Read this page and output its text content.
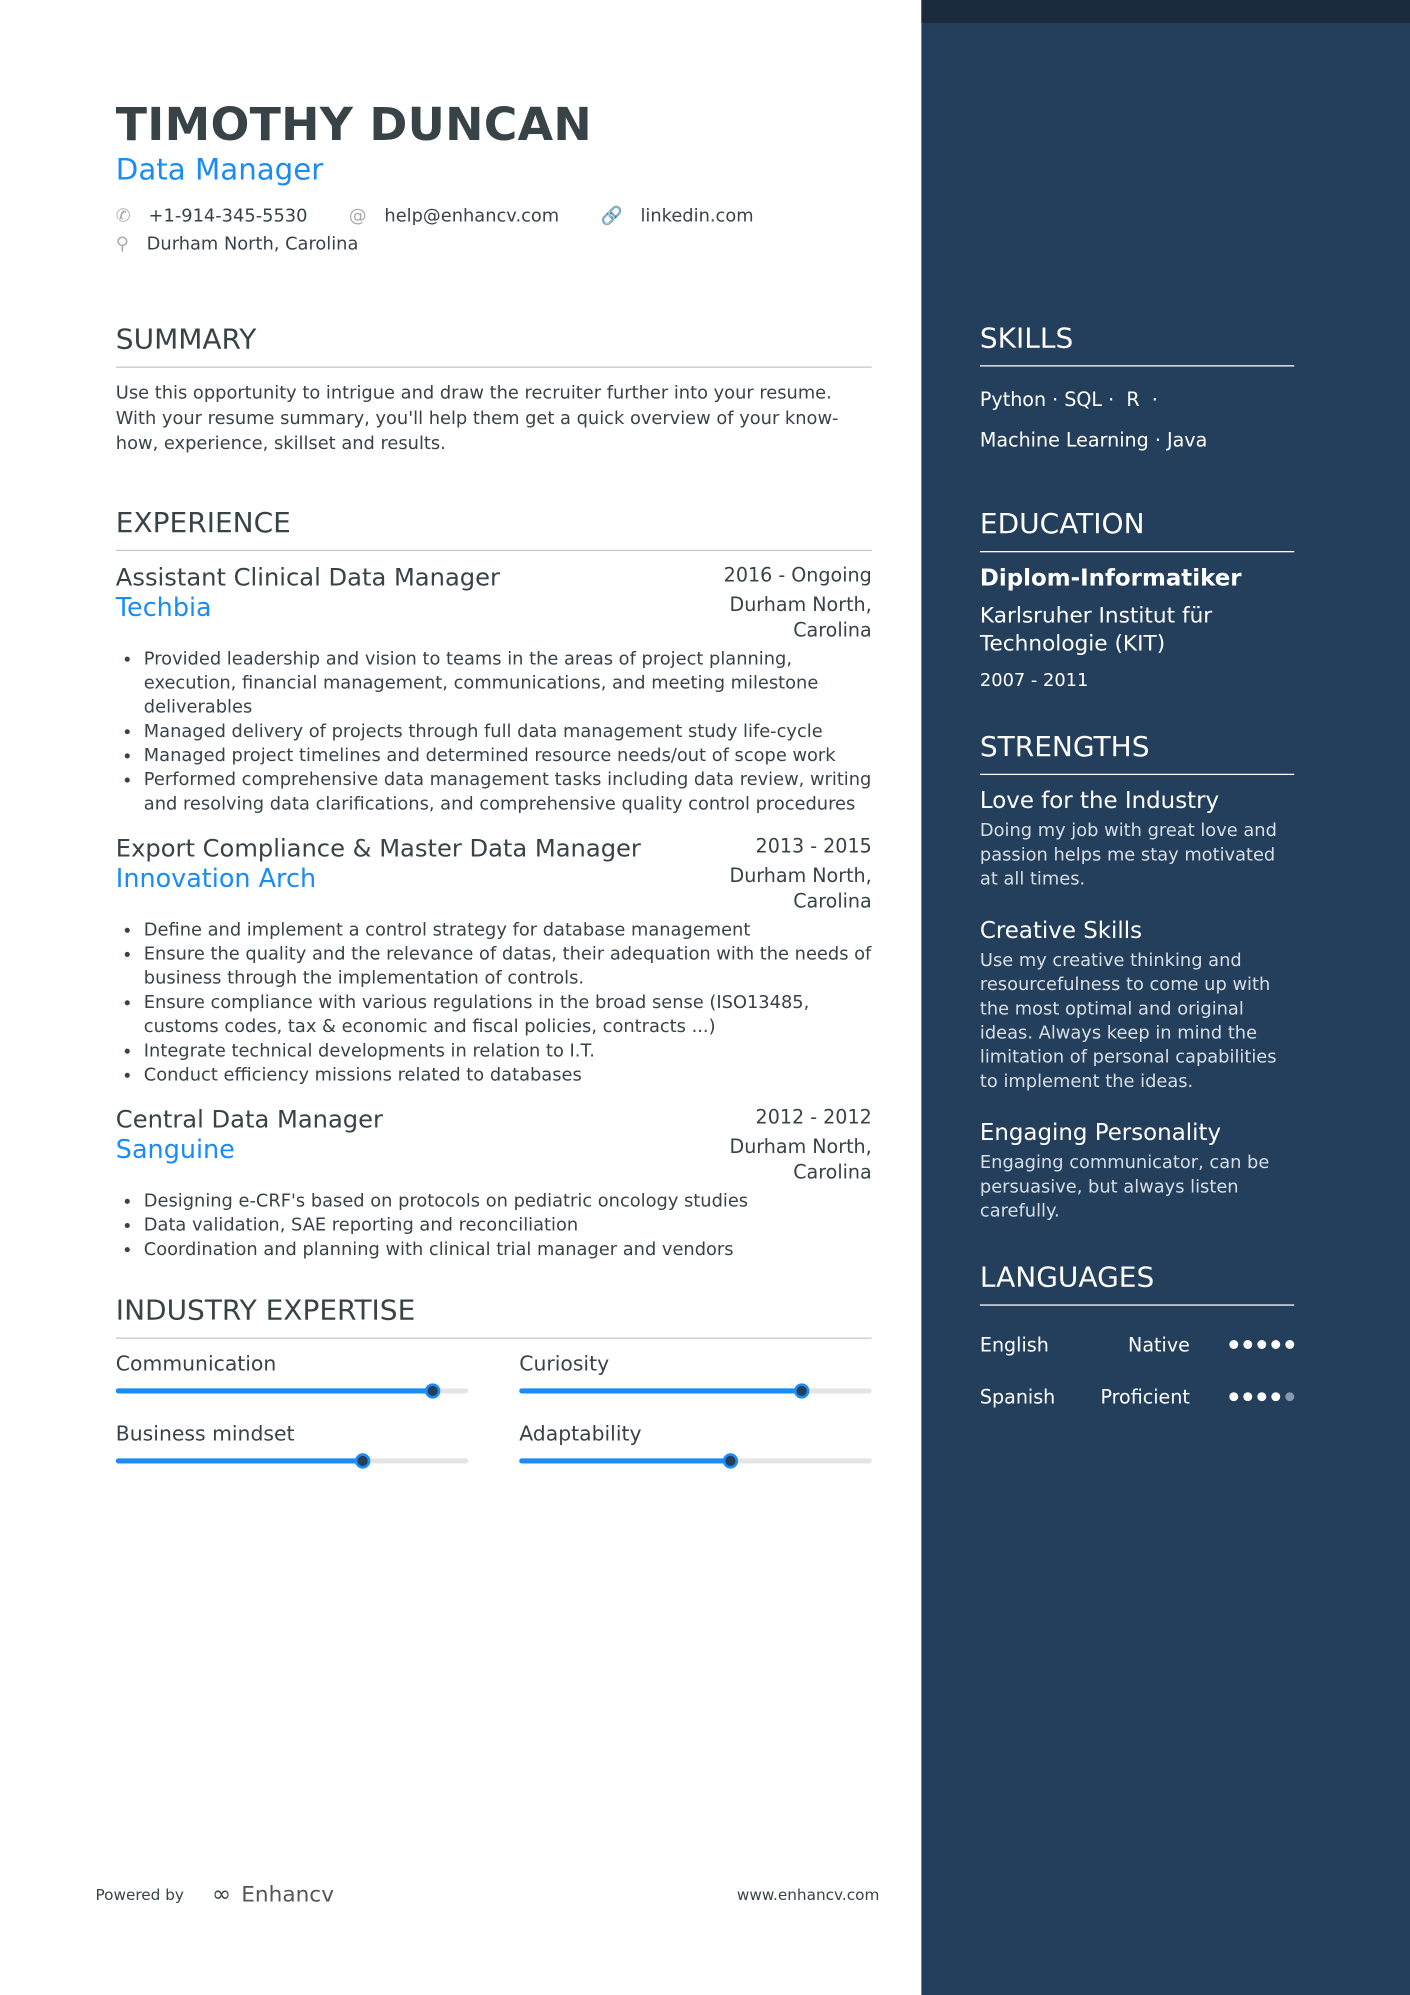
TIMOTHY DUNCAN
Data Manager
✆ +1-914-345-5530	@ help@enhancv.com	🔗 linkedin.com
⚲ Durham North, Carolina
SUMMARY
Use this opportunity to intrigue and draw the recruiter further into your resume. With your resume summary, you'll help them get a quick overview of your know-how, experience, skillset and results.
EXPERIENCE
Assistant Clinical Data Manager	2016 - Ongoing
Techbia	Durham North, Carolina
• Provided leadership and vision to teams in the areas of project planning, execution, financial management, communications, and meeting milestone deliverables
• Managed delivery of projects through full data management study life-cycle
• Managed project timelines and determined resource needs/out of scope work
• Performed comprehensive data management tasks including data review, writing and resolving data clarifications, and comprehensive quality control procedures
Export Compliance & Master Data Manager	2013 - 2015
Innovation Arch	Durham North, Carolina
• Define and implement a control strategy for database management
• Ensure the quality and the relevance of datas, their adequation with the needs of business through the implementation of controls.
• Ensure compliance with various regulations in the broad sense (ISO13485, customs codes, tax & economic and fiscal policies, contracts ...)
• Integrate technical developments in relation to I.T.
• Conduct efficiency missions related to databases
Central Data Manager	2012 - 2012
Sanguine	Durham North, Carolina
• Designing e-CRF's based on protocols on pediatric oncology studies
• Data validation, SAE reporting and reconciliation
• Coordination and planning with clinical trial manager and vendors
INDUSTRY EXPERTISE
Communication	Curiosity
Business mindset	Adaptability
SKILLS
Python · SQL ·  R  ·
Machine Learning · Java
EDUCATION
Diplom-Informatiker
Karlsruher Institut für Technologie (KIT)
2007 - 2011
STRENGTHS
Love for the Industry
Doing my job with great love and passion helps me stay motivated at all times.
Creative Skills
Use my creative thinking and resourcefulness to come up with the most optimal and original ideas. Always keep in mind the limitation of personal capabilities to implement the ideas.
Engaging Personality
Engaging communicator, can be persuasive, but always listen carefully.
LANGUAGES
English	Native
Spanish	Proficient
Powered by ∞ Enhancv	www.enhancv.com
